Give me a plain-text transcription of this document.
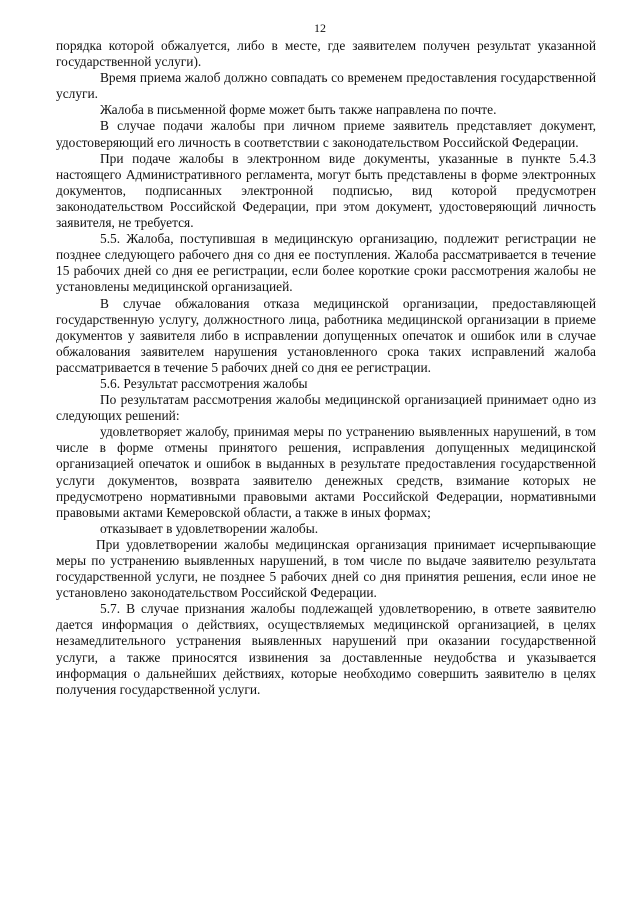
12

порядка которой обжалуется, либо в месте, где заявителем получен результат указанной государственной услуги).

Время приема жалоб должно совпадать со временем предоставления государственной услуги.

Жалоба в письменной форме может быть также направлена по почте.

В случае подачи жалобы при личном приеме заявитель представляет документ, удостоверяющий его личность в соответствии с законодательством Российской Федерации.

При подаче жалобы в электронном виде документы, указанные в пункте 5.4.3 настоящего Административного регламента, могут быть представлены в форме электронных документов, подписанных электронной подписью, вид которой предусмотрен законодательством Российской Федерации, при этом документ, удостоверяющий личность заявителя, не требуется.

5.5. Жалоба, поступившая в медицинскую организацию, подлежит регистрации не позднее следующего рабочего дня со дня ее поступления. Жалоба рассматривается в течение 15 рабочих дней со дня ее регистрации, если более короткие сроки рассмотрения жалобы не установлены медицинской организацией.

В случае обжалования отказа медицинской организации, предоставляющей государственную услугу, должностного лица, работника медицинской организации в приеме документов у заявителя либо в исправлении допущенных опечаток и ошибок или в случае обжалования заявителем нарушения установленного срока таких исправлений жалоба рассматривается в течение 5 рабочих дней со дня ее регистрации.

5.6. Результат рассмотрения жалобы

По результатам рассмотрения жалобы медицинской организацией принимает одно из следующих решений:

удовлетворяет жалобу, принимая меры по устранению выявленных нарушений, в том числе в форме отмены принятого решения, исправления допущенных медицинской организацией опечаток и ошибок в выданных в результате предоставления государственной услуги документов, возврата заявителю денежных средств, взимание которых не предусмотрено нормативными правовыми актами Российской Федерации, нормативными правовыми актами Кемеровской области, а также в иных формах;

отказывает в удовлетворении жалобы.

При удовлетворении жалобы медицинская организация принимает исчерпывающие меры по устранению выявленных нарушений, в том числе по выдаче заявителю результата государственной услуги, не позднее 5 рабочих дней со дня принятия решения, если иное не установлено законодательством Российской Федерации.

5.7. В случае признания жалобы подлежащей удовлетворению, в ответе заявителю дается информация о действиях, осуществляемых медицинской организацией, в целях незамедлительного устранения выявленных нарушений при оказании государственной услуги, а также приносятся извинения за доставленные неудобства и указывается информация о дальнейших действиях, которые необходимо совершить заявителю в целях получения государственной услуги.
